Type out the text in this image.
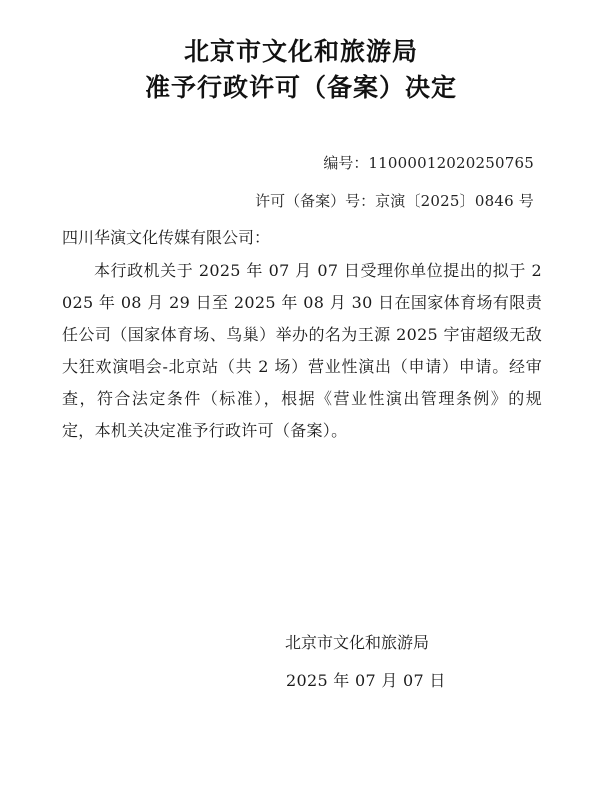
北京市文化和旅游局
准予行政许可（备案）决定
编号：11000012020250765
许可（备案）号：京演〔2025〕0846 号
四川华演文化传媒有限公司：
本行政机关于 2025 年 07 月 07 日受理你单位提出的拟于 2025 年 08 月 29 日至 2025 年 08 月 30 日在国家体育场有限责任公司（国家体育场、鸟巢）举办的名为王源 2025 宇宙超级无敌大狂欢演唱会-北京站（共 2 场）营业性演出（申请）申请。经审查，符合法定条件（标准），根据《营业性演出管理条例》的规定，本机关决定准予行政许可（备案）。
北京市文化和旅游局
2025 年 07 月 07 日
